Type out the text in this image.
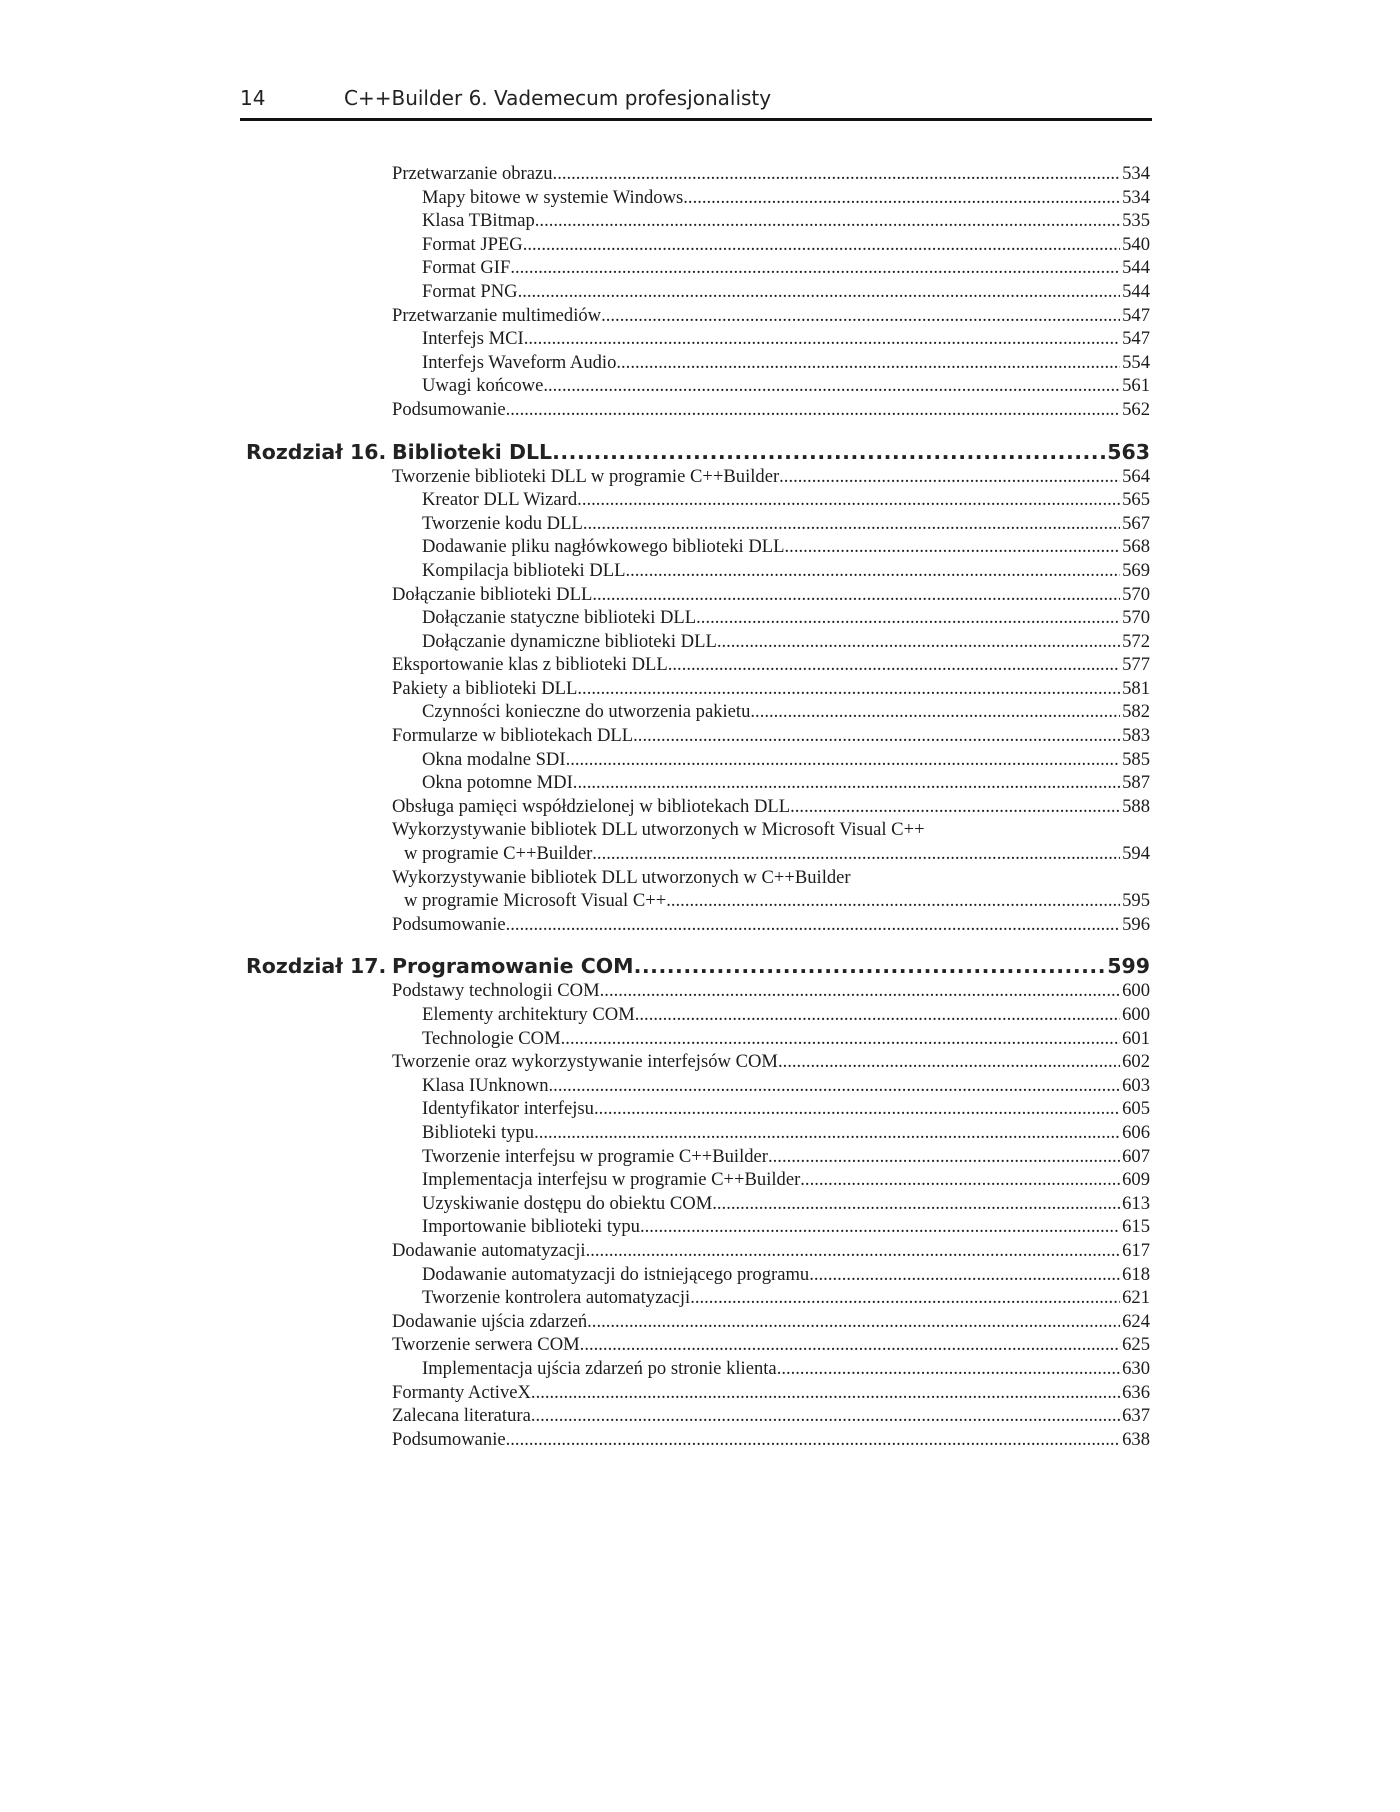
14	C++Builder 6. Vademecum profesjonalisty
Przetwarzanie obrazu .....	534
Mapy bitowe w systemie Windows .....	534
Klasa TBitmap .....	535
Format JPEG .....	540
Format GIF .....	544
Format PNG .....	544
Przetwarzanie multimediów .....	547
Interfejs MCI .....	547
Interfejs Waveform Audio .....	554
Uwagi końcowe .....	561
Podsumowanie .....	562
Rozdział 16. Biblioteki DLL .....	563
Tworzenie biblioteki DLL w programie C++Builder .....	564
Kreator DLL Wizard .....	565
Tworzenie kodu DLL .....	567
Dodawanie pliku nagłówkowego biblioteki DLL .....	568
Kompilacja biblioteki DLL .....	569
Dołączanie biblioteki DLL .....	570
Dołączanie statyczne biblioteki DLL .....	570
Dołączanie dynamiczne biblioteki DLL .....	572
Eksportowanie klas z biblioteki DLL .....	577
Pakiety a biblioteki DLL .....	581
Czynności konieczne do utworzenia pakietu .....	582
Formularze w bibliotekach DLL .....	583
Okna modalne SDI .....	585
Okna potomne MDI .....	587
Obsługa pamięci współdzielonej w bibliotekach DLL .....	588
Wykorzystywanie bibliotek DLL utworzonych w Microsoft Visual C++
w programie C++Builder .....	594
Wykorzystywanie bibliotek DLL utworzonych w C++Builder
w programie Microsoft Visual C++ .....	595
Podsumowanie .....	596
Rozdział 17. Programowanie COM .....	599
Podstawy technologii COM .....	600
Elementy architektury COM .....	600
Technologie COM .....	601
Tworzenie oraz wykorzystywanie interfejsów COM .....	602
Klasa IUnknown .....	603
Identyfikator interfejsu .....	605
Biblioteki typu .....	606
Tworzenie interfejsu w programie C++Builder .....	607
Implementacja interfejsu w programie C++Builder .....	609
Uzyskiwanie dostępu do obiektu COM .....	613
Importowanie biblioteki typu .....	615
Dodawanie automatyzacji .....	617
Dodawanie automatyzacji do istniejącego programu .....	618
Tworzenie kontrolera automatyzacji .....	621
Dodawanie ujścia zdarzeń .....	624
Tworzenie serwera COM .....	625
Implementacja ujścia zdarzeń po stronie klienta .....	630
Formanty ActiveX .....	636
Zalecana literatura .....	637
Podsumowanie .....	638
